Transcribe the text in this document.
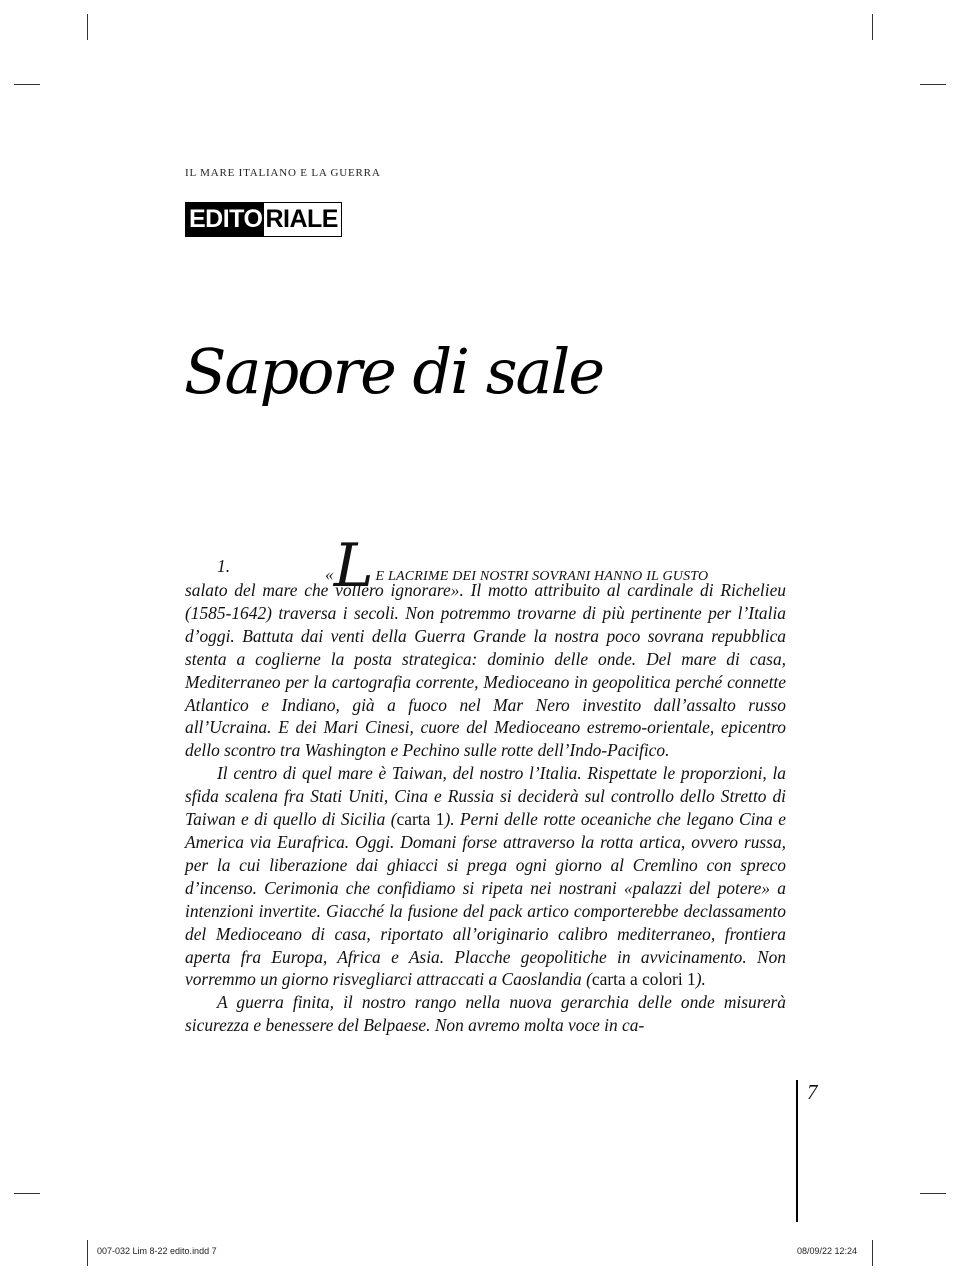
IL MARE ITALIANO E LA GUERRA
EDITO RIALE
Sapore di sale
1.	«L E LACRIME DEI NOSTRI SOVRANI HANNO IL GUSTO

salato del mare che vollero ignorare». Il motto attribuito al cardinale di Richelieu (1585-1642) traversa i secoli. Non potremmo trovarne di più pertinente per l’Italia d’oggi. Battuta dai venti della Guerra Grande la nostra poco sovrana repubblica stenta a coglierne la posta strategica: dominio delle onde. Del mare di casa, Mediterraneo per la cartografia corrente, Medioceano in geopolitica perché connette Atlantico e Indiano, già a fuoco nel Mar Nero investito dall’assalto russo all’Ucraina. E dei Mari Cinesi, cuore del Medioceano estremo-orientale, epicentro dello scontro tra Washington e Pechino sulle rotte dell’Indo-Pacifico.

Il centro di quel mare è Taiwan, del nostro l’Italia. Rispettate le proporzioni, la sfida scalena fra Stati Uniti, Cina e Russia si deciderà sul controllo dello Stretto di Taiwan e di quello di Sicilia (carta 1). Perni delle rotte oceaniche che legano Cina e America via Eurafrica. Oggi. Domani forse attraverso la rotta artica, ovvero russa, per la cui liberazione dai ghiacci si prega ogni giorno al Cremlino con spreco d’incenso. Cerimonia che confidiamo si ripeta nei nostrani «palazzi del potere» a intenzioni invertite. Giacché la fusione del pack artico comporterebbe declassamento del Medioceano di casa, riportato all’originario calibro mediterraneo, frontiera aperta fra Europa, Africa e Asia. Placche geopolitiche in avvicinamento. Non vorremmo un giorno risvegliarci attraccati a Caoslandia (carta a colori 1).

A guerra finita, il nostro rango nella nuova gerarchia delle onde misurerà sicurezza e benessere del Belpaese. Non avremo molta voce in ca-

7
007-032 Lim 8-22 edito.indd 7	08/09/22 12:24
